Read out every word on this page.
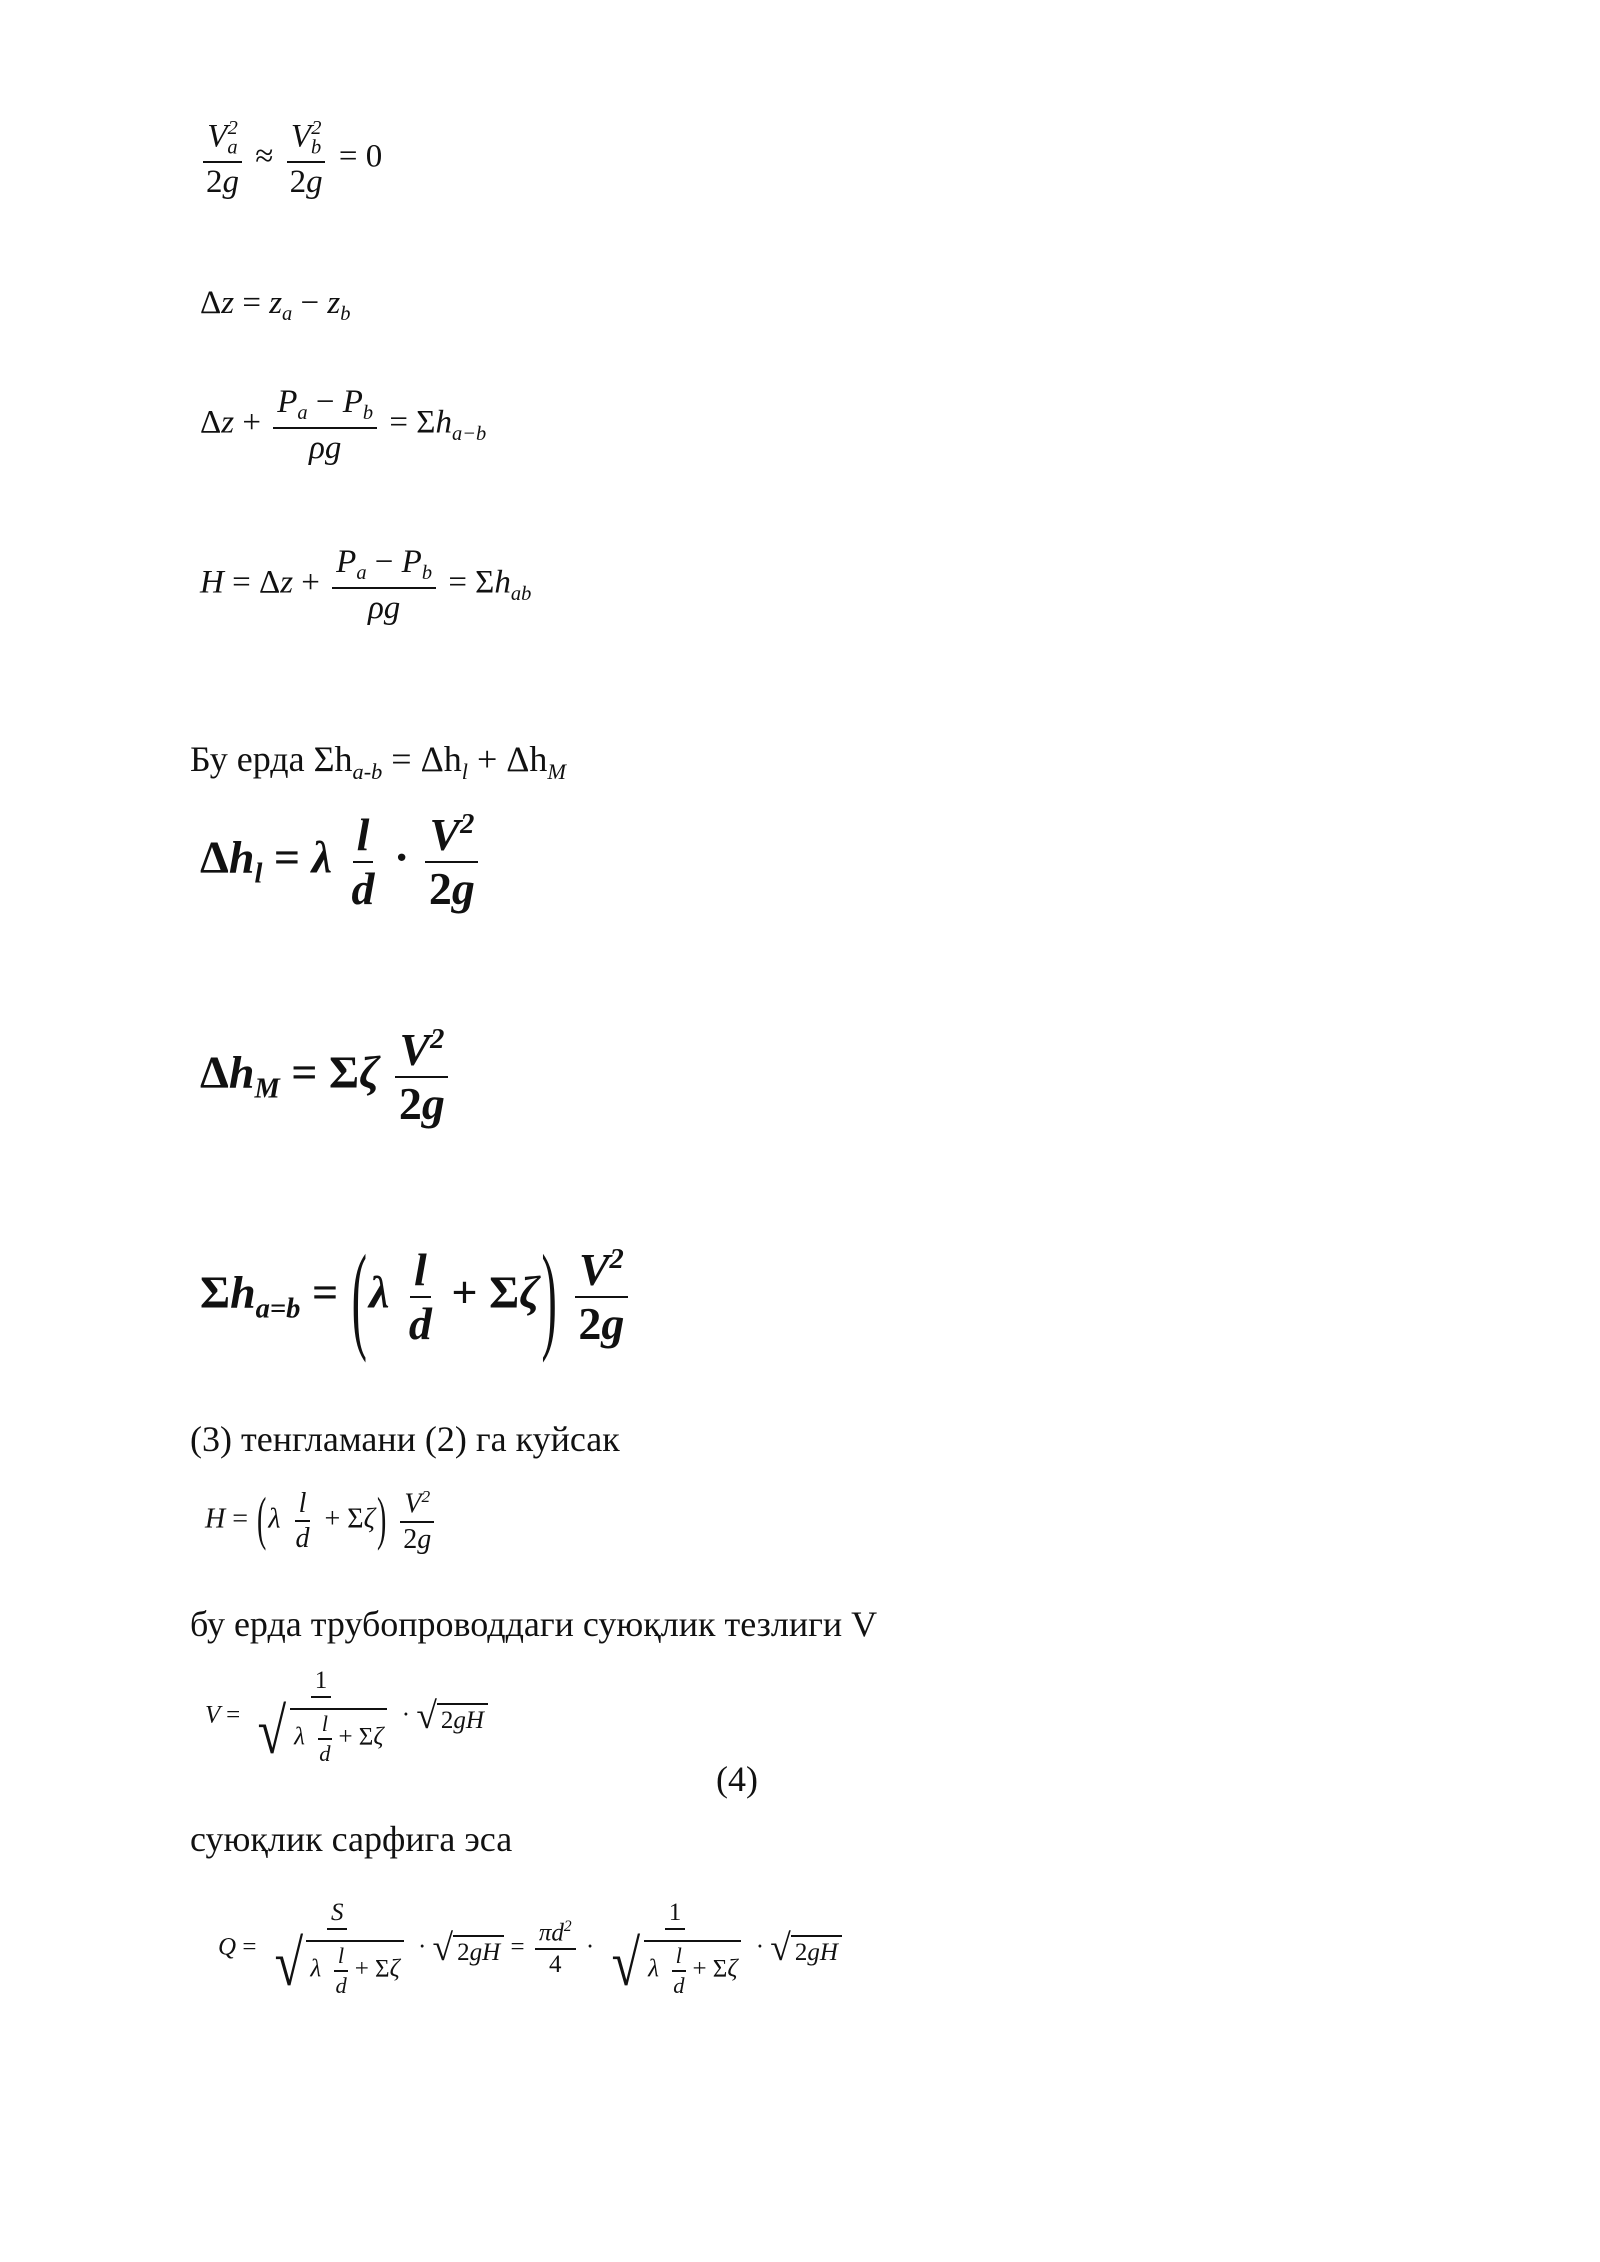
$\frac{V_a^2}{2g} \approx \frac{V_b^2}{2g} = 0$
$\Delta z = z_a - z_b$
$\Delta z + \frac{P_a - P_b}{\rho g} = \Sigma h_{a-b}$
$H = \Delta z + \frac{P_a - P_b}{\rho g} = \Sigma h_{ab}$
Бу ерда $\Sigma h_{a-b} = \Delta h_l + \Delta h_M$
$\Delta h_l = \lambda \frac{l}{d} \cdot \frac{V^2}{2g}$
$\Delta h_M = \Sigma\zeta \frac{V^2}{2g}$
$\Sigma h_{a=b} = (\lambda \frac{l}{d} + \Sigma\zeta) \frac{V^2}{2g}$
(3) тенгламани (2) га куйсак
$H = (\lambda \frac{l}{d} + \Sigma\zeta) \frac{V^2}{2g}$
бу ерда трубопроводдаги суюқлик тезлиги V
$V = \frac{1}{√ \lambda \frac{l}{d} + \Sigma\zeta}$ · √ 2gH
(4)
суюқлик сарфига эса
$Q = \frac{S}{√ \lambda \frac{l}{d} + \Sigma\zeta}$ · √ $2gH = \frac{\pi d^2}{4} \cdot \frac{1}{√ \lambda \frac{l}{d} + \Sigma\zeta}$ · √ 2gH
